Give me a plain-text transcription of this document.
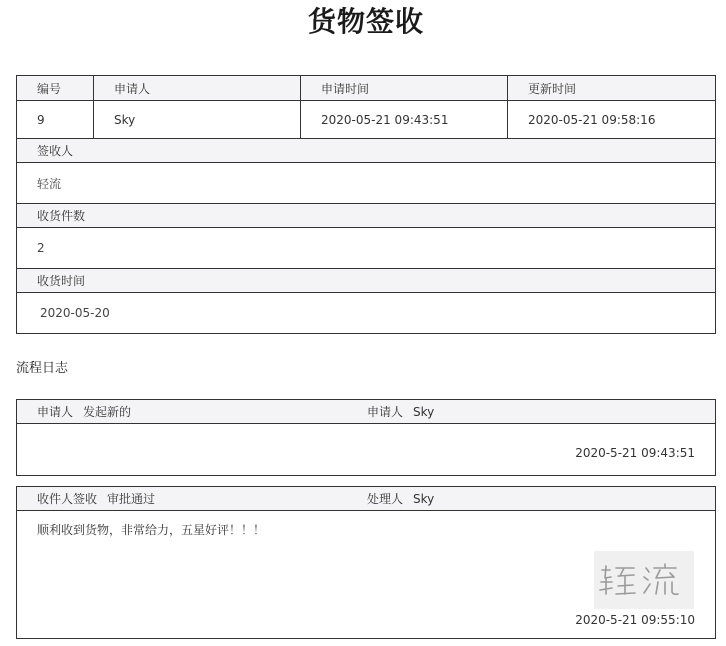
货物签收
编号	申请人	申请时间	更新时间
9	Sky	2020-05-21 09:43:51	2020-05-21 09:58:16
签收人
轻流
收货件数
2
收货时间
2020-05-20
流程日志
申请人 发起新的	申请人 Sky
2020-5-21 09:43:51
收件人签收 审批通过	处理人 Sky
顺利收到货物，非常给力，五星好评！！！
2020-5-21 09:55:10
